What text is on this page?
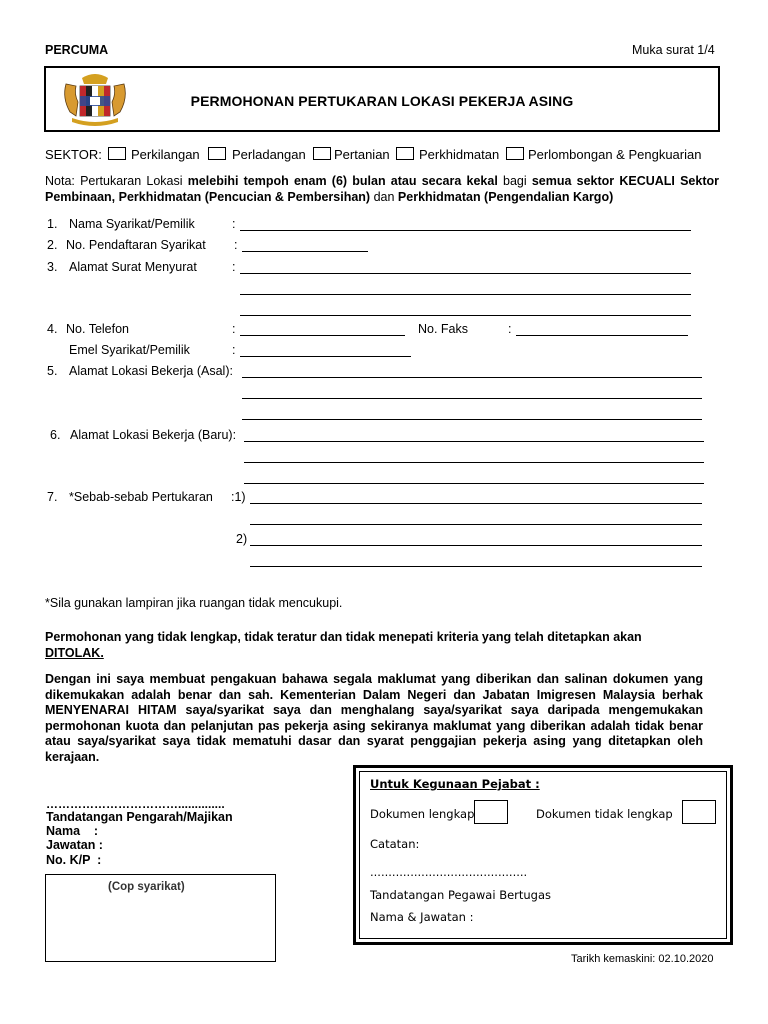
PERCUMA	Muka surat 1/4
PERMOHONAN PERTUKARAN LOKASI PEKERJA ASING
SEKTOR: Perkilangan Perladangan Pertanian Perkhidmatan Perlombongan & Pengkuarian
Nota: Pertukaran Lokasi melebihi tempoh enam (6) bulan atau secara kekal bagi semua sektor KECUALI Sektor Pembinaan, Perkhidmatan (Pencucian & Pembersihan) dan Perkhidmatan (Pengendalian Kargo)
1. Nama Syarikat/Pemilik	:
2. No. Pendaftaran Syarikat :
3. Alamat Surat Menyurat	:
4. No. Telefon	:	No. Faks	:
Emel Syarikat/Pemilik	:
5. Alamat Lokasi Bekerja (Asal):
6. Alamat Lokasi Bekerja (Baru):
7. *Sebab-sebab Pertukaran :1)
2)
*Sila gunakan lampiran jika ruangan tidak mencukupi.
Permohonan yang tidak lengkap, tidak teratur dan tidak menepati kriteria yang telah ditetapkan akan
DITOLAK.
Dengan ini saya membuat pengakuan bahawa segala maklumat yang diberikan dan salinan dokumen yang dikemukakan adalah benar dan sah. Kementerian Dalam Negeri dan Jabatan Imigresen Malaysia berhak MENYENARAI HITAM saya/syarikat saya dan menghalang saya/syarikat saya daripada mengemukakan permohonan kuota dan pelanjutan pas pekerja asing sekiranya maklumat yang diberikan adalah tidak benar atau saya/syarikat saya tidak mematuhi dasar dan syarat penggajian pekerja asing yang ditetapkan oleh kerajaan.
……………………………..............
Tandatangan Pengarah/Majikan
Nama    :
Jawatan :
No. K/P  :
(Cop syarikat)
Untuk Kegunaan Pejabat :
Dokumen lengkap	Dokumen tidak lengkap
Catatan:
...........................................
Tandatangan Pegawai Bertugas
Nama & Jawatan :
Tarikh kemaskini: 02.10.2020
